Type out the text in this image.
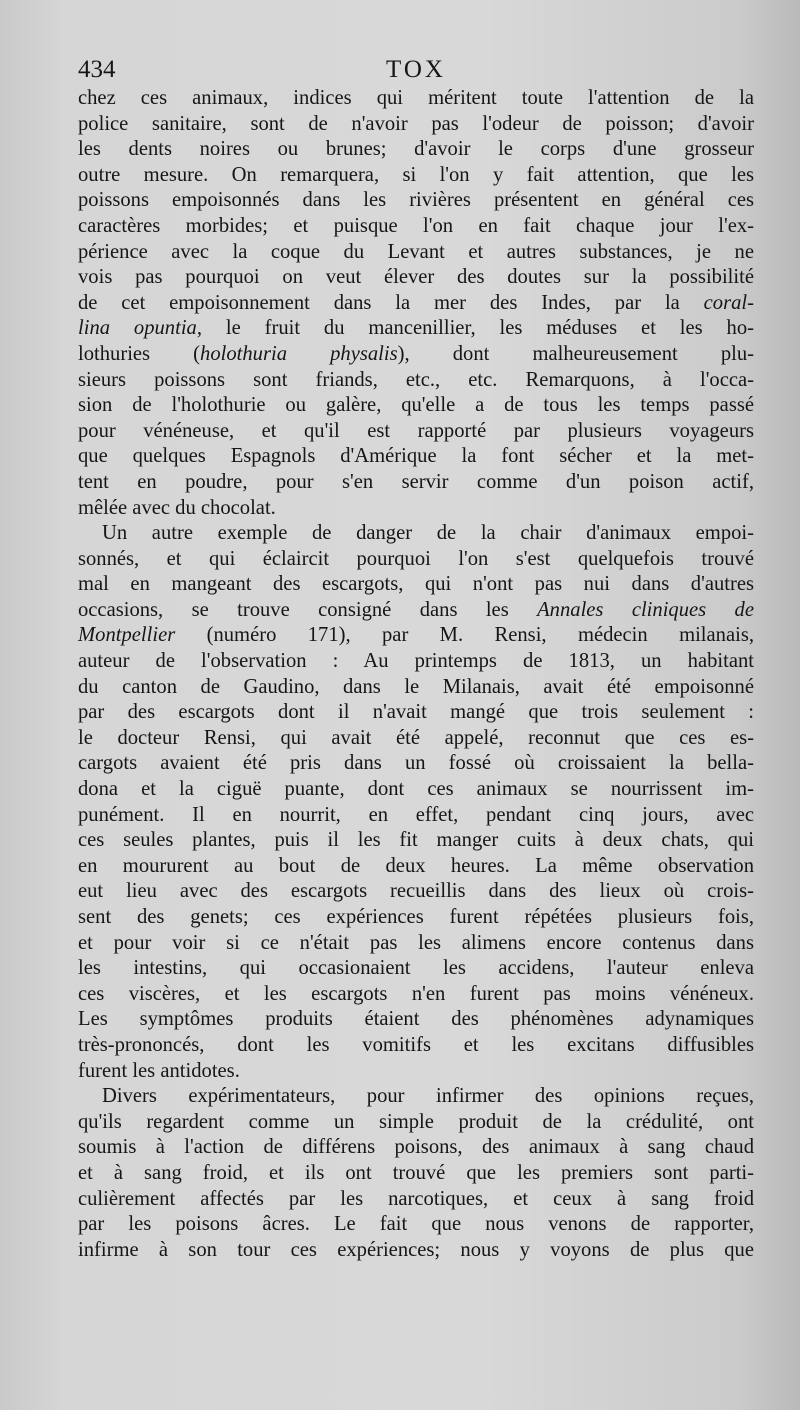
434	TOX
chez ces animaux, indices qui méritent toute l'attention de la
police sanitaire, sont de n'avoir pas l'odeur de poisson; d'avoir
les dents noires ou brunes; d'avoir le corps d'une grosseur
outre mesure. On remarquera, si l'on y fait attention, que les
poissons empoisonnés dans les rivières présentent en général ces
caractères morbides; et puisque l'on en fait chaque jour l'ex-
périence avec la coque du Levant et autres substances, je ne
vois pas pourquoi on veut élever des doutes sur la possibilité
de cet empoisonnement dans la mer des Indes, par la coral-
lina opuntia, le fruit du mancenillier, les méduses et les ho-
lothuries (holothuria physalis), dont malheureusement plu-
sieurs poissons sont friands, etc., etc. Remarquons, à l'occa-
sion de l'holothurie ou galère, qu'elle a de tous les temps passé
pour vénéneuse, et qu'il est rapporté par plusieurs voyageurs
que quelques Espagnols d'Amérique la font sécher et la met-
tent en poudre, pour s'en servir comme d'un poison actif,
mêlée avec du chocolat.
Un autre exemple de danger de la chair d'animaux empoi-
sonnés, et qui éclaircit pourquoi l'on s'est quelquefois trouvé
mal en mangeant des escargots, qui n'ont pas nui dans d'autres
occasions, se trouve consigné dans les Annales cliniques de
Montpellier (numéro 171), par M. Rensi, médecin milanais,
auteur de l'observation : Au printemps de 1813, un habitant
du canton de Gaudino, dans le Milanais, avait été empoisonné
par des escargots dont il n'avait mangé que trois seulement :
le docteur Rensi, qui avait été appelé, reconnut que ces es-
cargots avaient été pris dans un fossé où croissaient la bella-
dona et la ciguë puante, dont ces animaux se nourrissent im-
punément. Il en nourrit, en effet, pendant cinq jours, avec
ces seules plantes, puis il les fit manger cuits à deux chats, qui
en moururent au bout de deux heures. La même observation
eut lieu avec des escargots recueillis dans des lieux où crois-
sent des genets; ces expériences furent répétées plusieurs fois,
et pour voir si ce n'était pas les alimens encore contenus dans
les intestins, qui occasionaient les accidens, l'auteur enleva
ces viscères, et les escargots n'en furent pas moins vénéneux.
Les symptômes produits étaient des phénomènes adynamiques
très-prononcés, dont les vomitifs et les excitans diffusibles
furent les antidotes.
Divers expérimentateurs, pour infirmer des opinions reçues,
qu'ils regardent comme un simple produit de la crédulité, ont
soumis à l'action de différens poisons, des animaux à sang chaud
et à sang froid, et ils ont trouvé que les premiers sont parti-
culièrement affectés par les narcotiques, et ceux à sang froid
par les poisons âcres. Le fait que nous venons de rapporter,
infirme à son tour ces expériences; nous y voyons de plus que
